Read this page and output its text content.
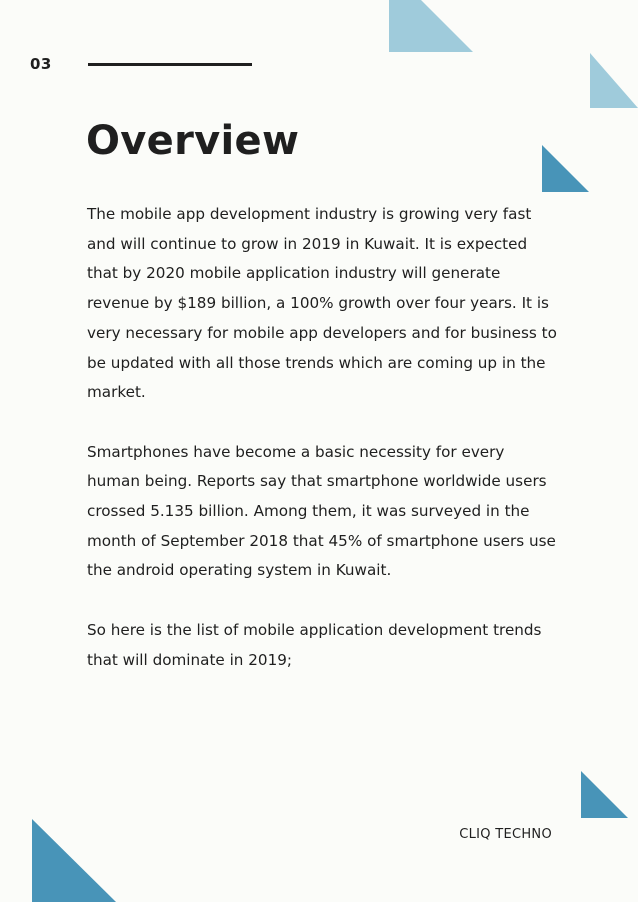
03
Overview

The mobile app development industry is growing very fast and will continue to grow in 2019 in Kuwait. It is expected that by 2020 mobile application industry will generate revenue by $189 billion, a 100% growth over four years. It is very necessary for mobile app developers and for business to be updated with all those trends which are coming up in the market.

Smartphones have become a basic necessity for every human being. Reports say that smartphone worldwide users crossed 5.135 billion. Among them, it was surveyed in the month of September 2018 that 45% of smartphone users use the android operating system in Kuwait.

So here is the list of mobile application development trends that will dominate in 2019;

CLIQ TECHNO
